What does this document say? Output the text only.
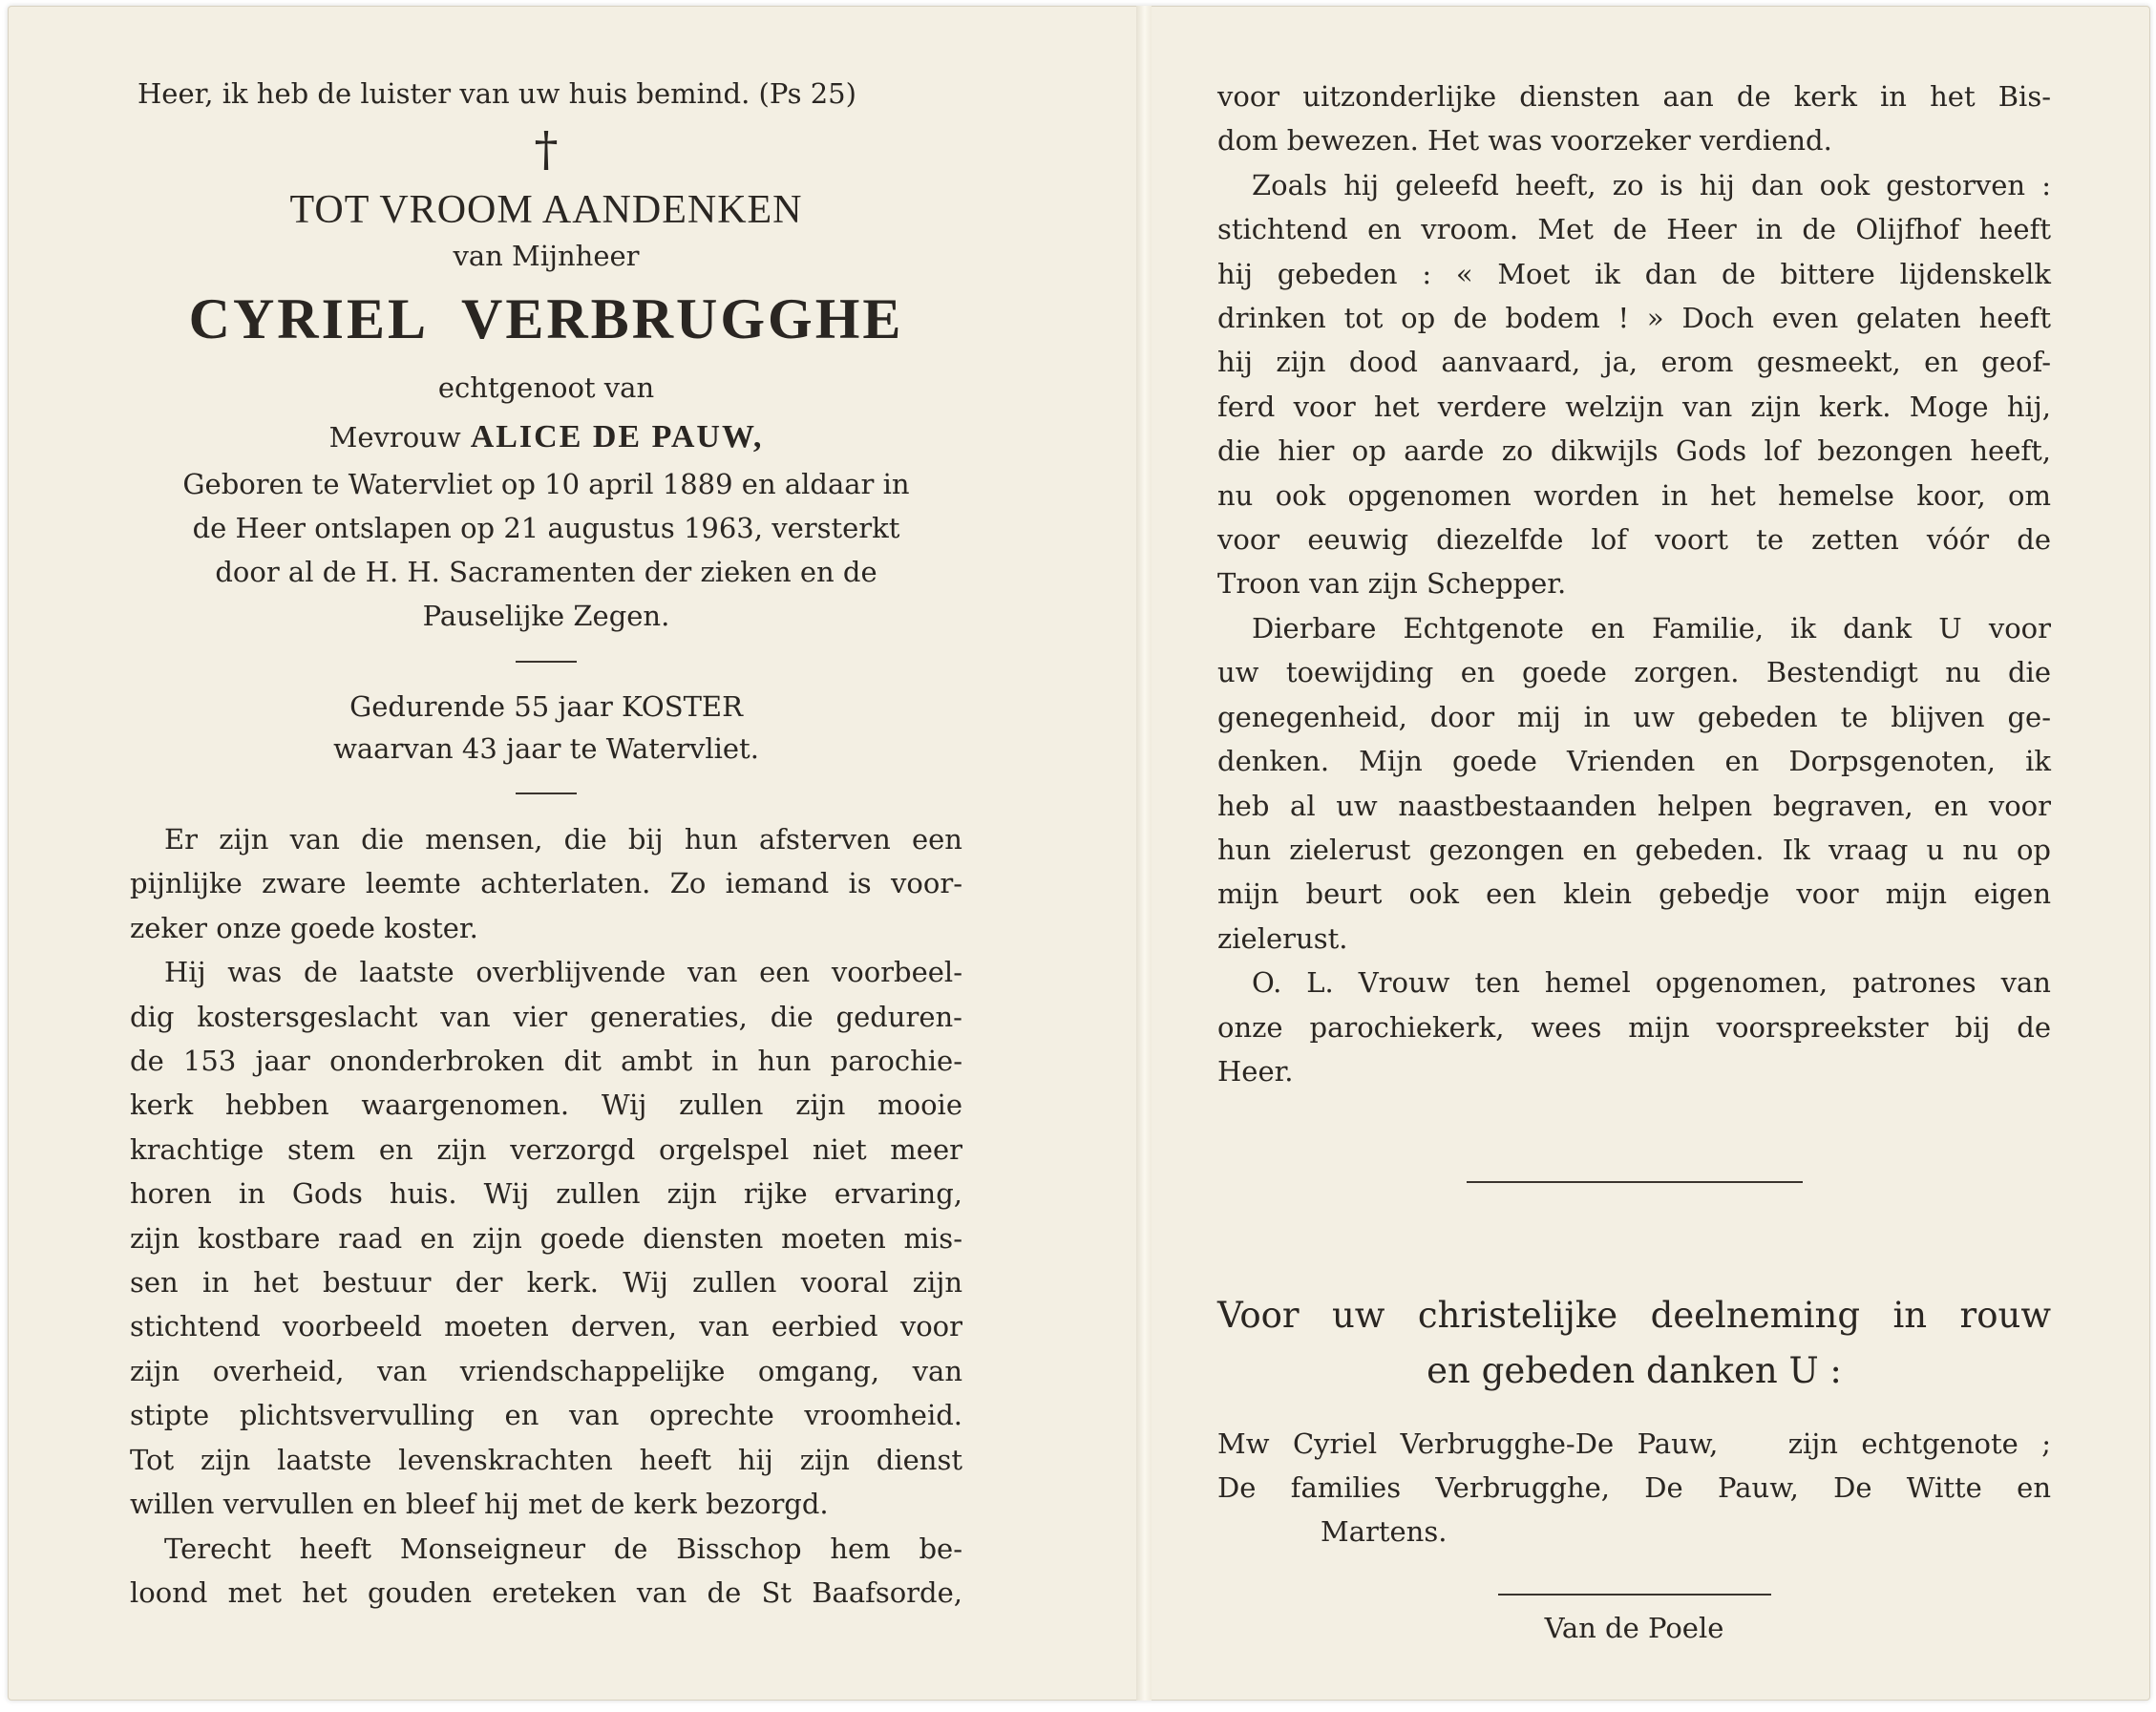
Heer, ik heb de luister van uw huis bemind. (Ps 25)
†
TOT VROOM AANDENKEN
van Mijnheer
CYRIEL VERBRUGGHE
echtgenoot van
Mevrouw ALICE DE PAUW,
Geboren te Watervliet op 10 april 1889 en aldaar in
de Heer ontslapen op 21 augustus 1963, versterkt
door al de H. H. Sacramenten der zieken en de
Pauselijke Zegen.
Gedurende 55 jaar KOSTER
waarvan 43 jaar te Watervliet.
Er zijn van die mensen, die bij hun afsterven een
pijnlijke zware leemte achterlaten. Zo iemand is voor-
zeker onze goede koster.
Hij was de laatste overblijvende van een voorbeel-
dig kostersgeslacht van vier generaties, die geduren-
de 153 jaar ononderbroken dit ambt in hun parochie-
kerk hebben waargenomen. Wij zullen zijn mooie
krachtige stem en zijn verzorgd orgelspel niet meer
horen in Gods huis. Wij zullen zijn rijke ervaring,
zijn kostbare raad en zijn goede diensten moeten mis-
sen in het bestuur der kerk. Wij zullen vooral zijn
stichtend voorbeeld moeten derven, van eerbied voor
zijn overheid, van vriendschappelijke omgang, van
stipte plichtsvervulling en van oprechte vroomheid.
Tot zijn laatste levenskrachten heeft hij zijn dienst
willen vervullen en bleef hij met de kerk bezorgd.
Terecht heeft Monseigneur de Bisschop hem be-
loond met het gouden ereteken van de St Baafsorde,
voor uitzonderlijke diensten aan de kerk in het Bis-
dom bewezen. Het was voorzeker verdiend.
Zoals hij geleefd heeft, zo is hij dan ook gestorven :
stichtend en vroom. Met de Heer in de Olijfhof heeft
hij gebeden : « Moet ik dan de bittere lijdenskelk
drinken tot op de bodem ! » Doch even gelaten heeft
hij zijn dood aanvaard, ja, erom gesmeekt, en geof-
ferd voor het verdere welzijn van zijn kerk. Moge hij,
die hier op aarde zo dikwijls Gods lof bezongen heeft,
nu ook opgenomen worden in het hemelse koor, om
voor eeuwig diezelfde lof voort te zetten vóór de
Troon van zijn Schepper.
Dierbare Echtgenote en Familie, ik dank U voor
uw toewijding en goede zorgen. Bestendigt nu die
genegenheid, door mij in uw gebeden te blijven ge-
denken. Mijn goede Vrienden en Dorpsgenoten, ik
heb al uw naastbestaanden helpen begraven, en voor
hun zielerust gezongen en gebeden. Ik vraag u nu op
mijn beurt ook een klein gebedje voor mijn eigen
zielerust.
O. L. Vrouw ten hemel opgenomen, patrones van
onze parochiekerk, wees mijn voorspreekster bij de
Heer.
Voor uw christelijke deelneming in rouw
en gebeden danken U :
Mw Cyriel Verbrugghe-De Pauw,   zijn echtgenote ;
De families Verbrugghe, De Pauw, De Witte en
Martens.
Van de Poele
